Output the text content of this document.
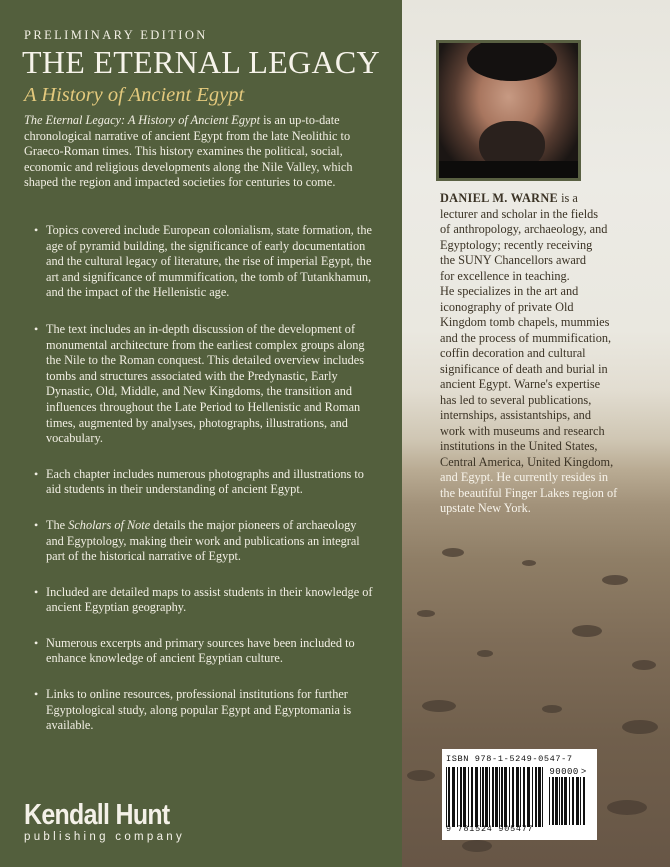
PRELIMINARY EDITION
THE ETERNAL LEGACY
A History of Ancient Egypt

The Eternal Legacy: A History of Ancient Egypt is an up-to-date chronological narrative of ancient Egypt from the late Neolithic to Graeco-Roman times. This history examines the political, social, economic and religious developments along the Nile Valley, which shaped the region and impacted societies for centuries to come.

• Topics covered include European colonialism, state formation, the age of pyramid building, the significance of early documentation and the cultural legacy of literature, the rise of imperial Egypt, the art and significance of mummification, the tomb of Tutankhamun, and the impact of the Hellenistic age.
• The text includes an in-depth discussion of the development of monumental architecture from the earliest complex groups along the Nile to the Roman conquest. This detailed overview includes tombs and structures associated with the Predynastic, Early Dynastic, Old, Middle, and New Kingdoms, the transition and influences throughout the Late Period to Hellenistic and Roman times, augmented by analyses, photographs, illustrations, and vocabulary.
• Each chapter includes numerous photographs and illustrations to aid students in their understanding of ancient Egypt.
• The Scholars of Note details the major pioneers of archaeology and Egyptology, making their work and publications an integral part of the historical narrative of Egypt.
• Included are detailed maps to assist students in their knowledge of ancient Egyptian geography.
• Numerous excerpts and primary sources have been included to enhance knowledge of ancient Egyptian culture.
• Links to online resources, professional institutions for further Egyptological study, along popular Egypt and Egyptomania is available.
Kendall Hunt
publishing company
DANIEL M. WARNE is a
lecturer and scholar in the fields
of anthropology, archaeology, and
Egyptology; recently receiving
the SUNY Chancellors award
for excellence in teaching.
He specializes in the art and
iconography of private Old
Kingdom tomb chapels, mummies
and the process of mummification,
coffin decoration and cultural
significance of death and burial in
ancient Egypt. Warne's expertise
has led to several publications,
internships, assistantships, and
work with museums and research
institutions in the United States,
Central America, United Kingdom,
and Egypt. He currently resides in
the beautiful Finger Lakes region of
upstate New York.
ISBN 978-1-5249-0547-7
90000 >
9 781524 905477
